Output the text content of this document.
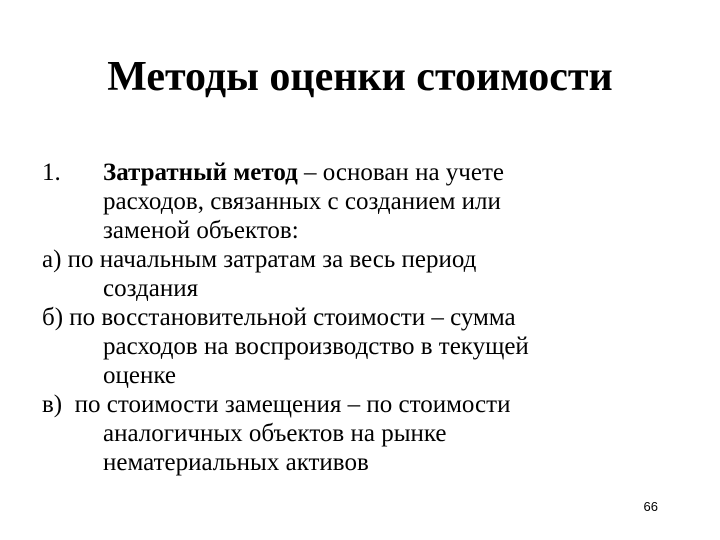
Методы оценки стоимости
1. Затратный метод – основан на учете
расходов, связанных с созданием или
заменой объектов:
а) по начальным затратам за весь период
создания
б) по восстановительной стоимости – сумма
расходов на воспроизводство в текущей
оценке
в)  по стоимости замещения – по стоимости
аналогичных объектов на рынке
нематериальных активов
66
